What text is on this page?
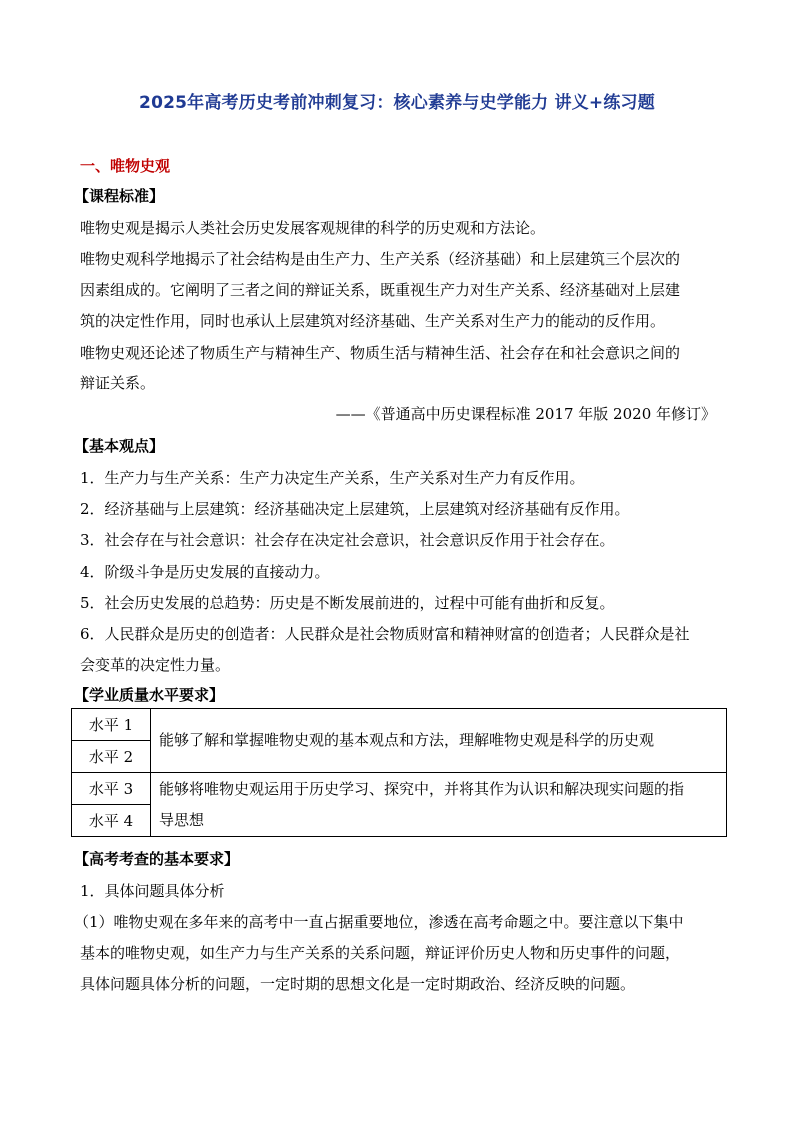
2025年高考历史考前冲刺复习：核心素养与史学能力 讲义+练习题
一、唯物史观
【课程标准】
唯物史观是揭示人类社会历史发展客观规律的科学的历史观和方法论。
唯物史观科学地揭示了社会结构是由生产力、生产关系（经济基础）和上层建筑三个层次的
因素组成的。它阐明了三者之间的辩证关系，既重视生产力对生产关系、经济基础对上层建
筑的决定性作用，同时也承认上层建筑对经济基础、生产关系对生产力的能动的反作用。
唯物史观还论述了物质生产与精神生产、物质生活与精神生活、社会存在和社会意识之间的
辩证关系。
——《普通高中历史课程标准 2017 年版 2020 年修订》
【基本观点】
1．生产力与生产关系：生产力决定生产关系，生产关系对生产力有反作用。
2．经济基础与上层建筑：经济基础决定上层建筑，上层建筑对经济基础有反作用。
3．社会存在与社会意识：社会存在决定社会意识，社会意识反作用于社会存在。
4．阶级斗争是历史发展的直接动力。
5．社会历史发展的总趋势：历史是不断发展前进的，过程中可能有曲折和反复。
6．人民群众是历史的创造者：人民群众是社会物质财富和精神财富的创造者；人民群众是社
会变革的决定性力量。
【学业质量水平要求】
水平 1	能够了解和掌握唯物史观的基本观点和方法，理解唯物史观是科学的历史观
水平 2	
水平 3	能够将唯物史观运用于历史学习、探究中，并将其作为认识和解决现实问题的指
导思想

水平 4	
【高考考查的基本要求】
1．具体问题具体分析
（1）唯物史观在多年来的高考中一直占据重要地位，渗透在高考命题之中。要注意以下集中
基本的唯物史观，如生产力与生产关系的关系问题，辩证评价历史人物和历史事件的问题，
具体问题具体分析的问题，一定时期的思想文化是一定时期政治、经济反映的问题。
